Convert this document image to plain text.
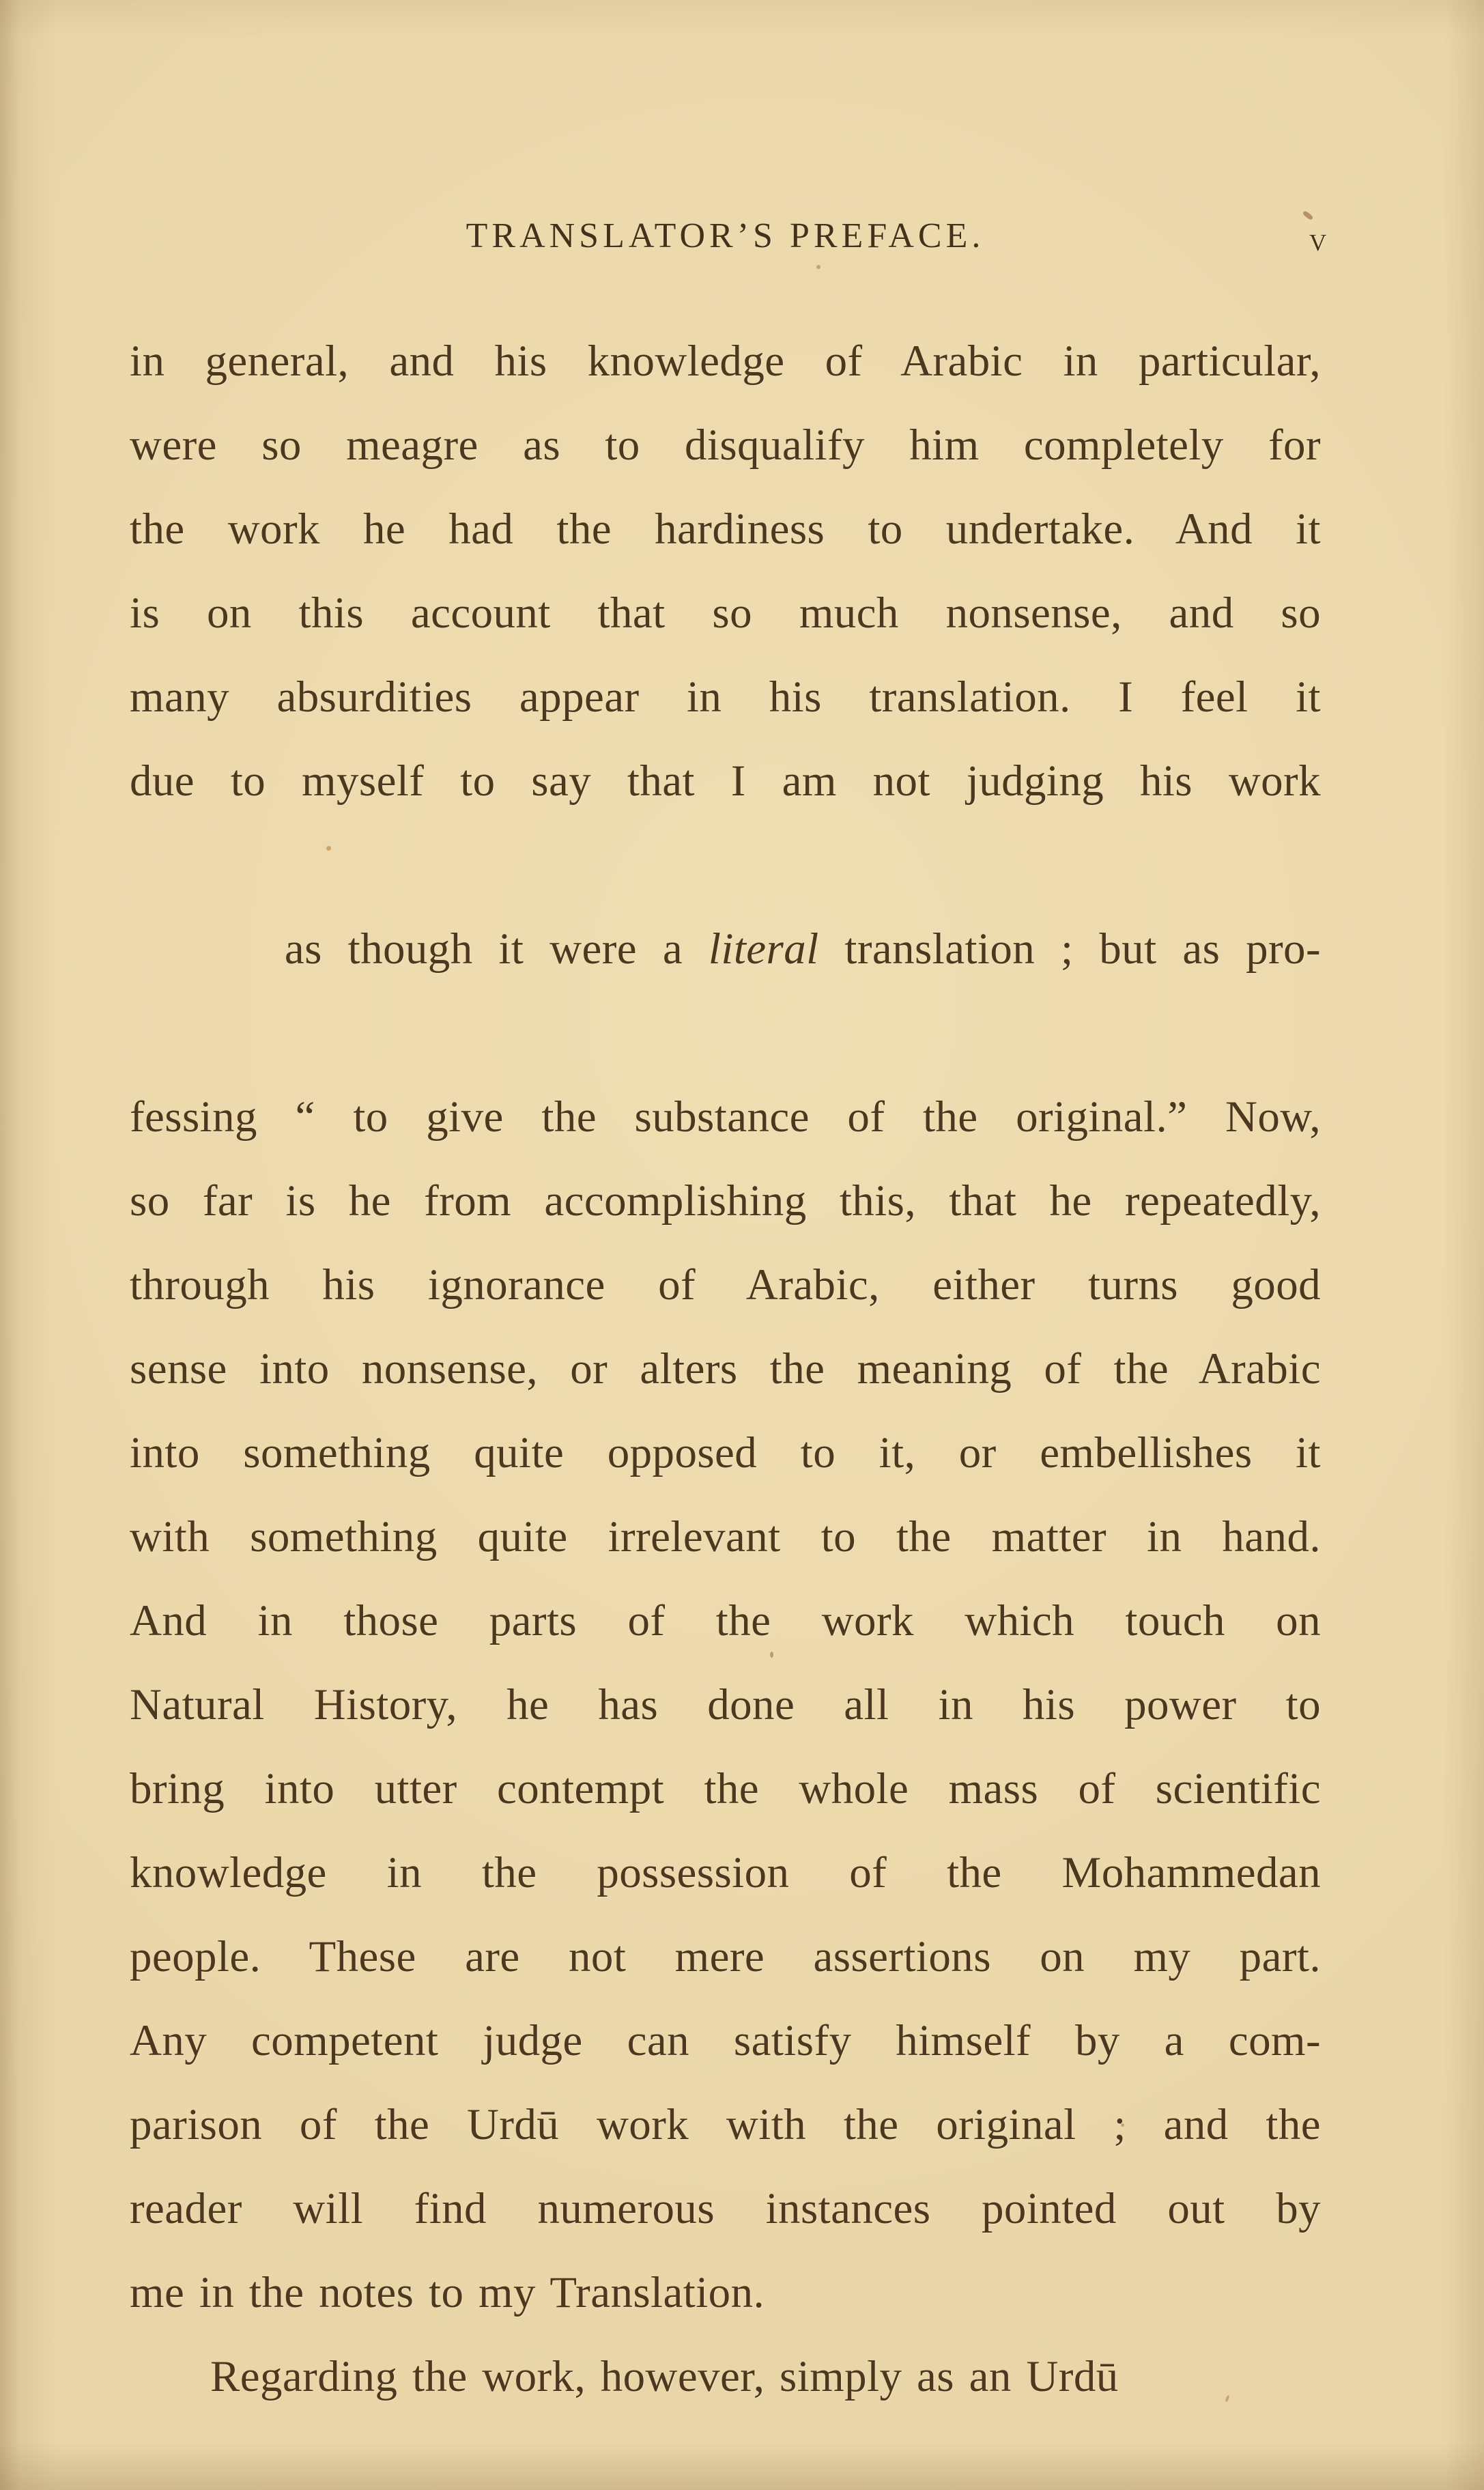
TRANSLATOR’S PREFACE.	v
in general, and his knowledge of Arabic in particular,
were so meagre as to disqualify him completely for
the work he had the hardiness to undertake. And it
is on this account that so much nonsense, and so
many absurdities appear in his translation. I feel it
due to myself to say that I am not judging his work

as though it were a literal translation ; but as pro-

fessing “ to give the substance of the original.” Now,
so far is he from accomplishing this, that he repeatedly,
through his ignorance of Arabic, either turns good
sense into nonsense, or alters the meaning of the Arabic
into something quite opposed to it, or embellishes it
with something quite irrelevant to the matter in hand.
And in those parts of the work which touch on
Natural History, he has done all in his power to
bring into utter contempt the whole mass of scientific
knowledge in the possession of the Mohammedan
people. These are not mere assertions on my part.
Any competent judge can satisfy himself by a com-
parison of the Urdū work with the original ; and the
reader will find numerous instances pointed out by
me in the notes to my Translation.
Regarding the work, however, simply as an Urdū
